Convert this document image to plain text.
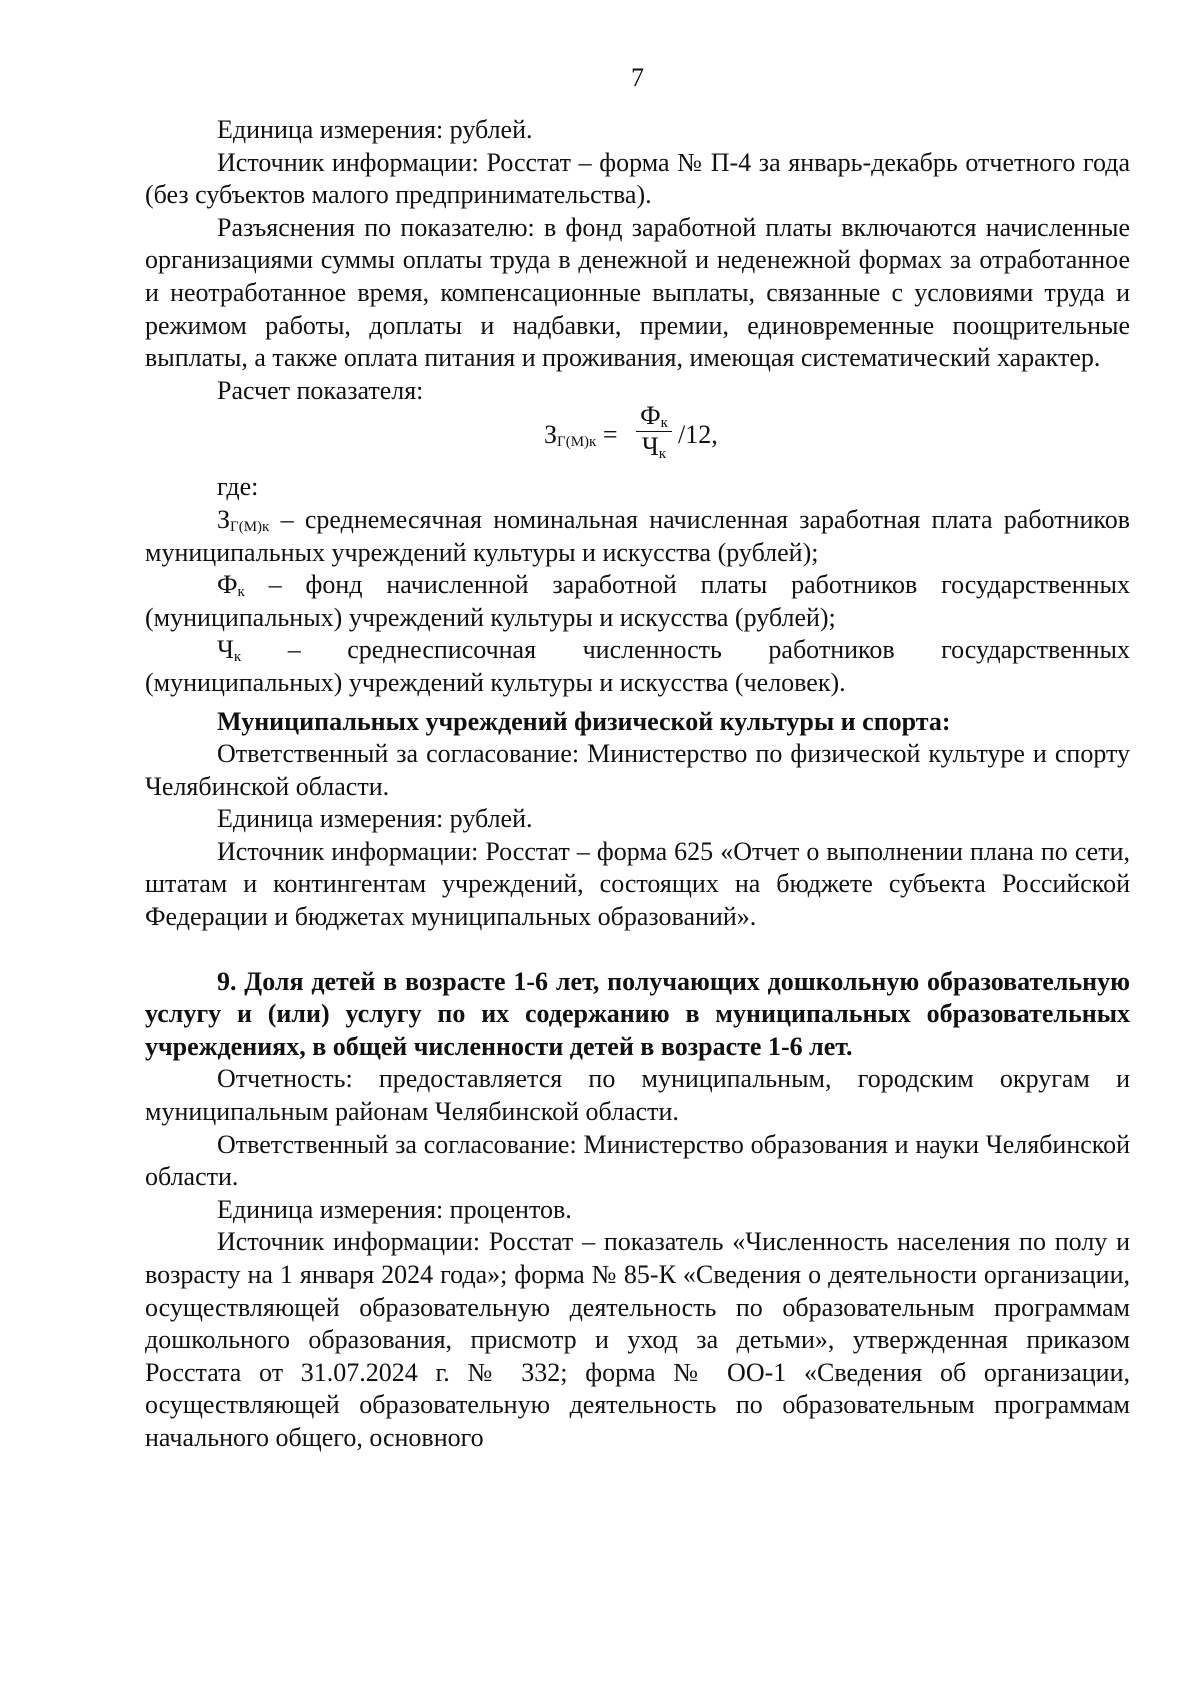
7

Единица измерения: рублей.

Источник информации: Росстат – форма № П-4 за январь-декабрь отчетного года (без субъектов малого предпринимательства).

Разъяснения по показателю: в фонд заработной платы включаются начисленные организациями суммы оплаты труда в денежной и неденежной формах за отработанное и неотработанное время, компенсационные выплаты, связанные с условиями труда и режимом работы, доплаты и надбавки, премии, единовременные поощрительные выплаты, а также оплата питания и проживания, имеющая систематический характер.

Расчет показателя:

$З_{Г(М)к}$ =
$Ф_к$
$Ч_к$
/12,

где:

$З_{Г(М)к}$ – среднемесячная номинальная начисленная заработная плата работников муниципальных учреждений культуры и искусства (рублей);

$Ф_к$ – фонд начисленной заработной платы работников государственных (муниципальных) учреждений культуры и искусства (рублей);

$Ч_к$ – среднесписочная численность работников государственных (муниципальных) учреждений культуры и искусства (человек).

Муниципальных учреждений физической культуры и спорта:

Ответственный за согласование: Министерство по физической культуре и спорту Челябинской области.

Единица измерения: рублей.

Источник информации: Росстат – форма 625 «Отчет о выполнении плана по сети, штатам и контингентам учреждений, состоящих на бюджете субъекта Российской Федерации и бюджетах муниципальных образований».

9. Доля детей в возрасте 1-6 лет, получающих дошкольную образовательную услугу и (или) услугу по их содержанию в муниципальных образовательных учреждениях, в общей численности детей в возрасте 1-6 лет.

Отчетность: предоставляется по муниципальным, городским округам и муниципальным районам Челябинской области.

Ответственный за согласование: Министерство образования и науки Челябинской области.

Единица измерения: процентов.

Источник информации: Росстат – показатель «Численность населения по полу и возрасту на 1 января 2024 года»; форма № 85-К «Сведения о деятельности организации, осуществляющей образовательную деятельность по образовательным программам дошкольного образования, присмотр и уход за детьми», утвержденная приказом Росстата от 31.07.2024 г. № 332; форма № ОО-1 «Сведения об организации, осуществляющей образовательную деятельность по образовательным программам начального общего, основного
